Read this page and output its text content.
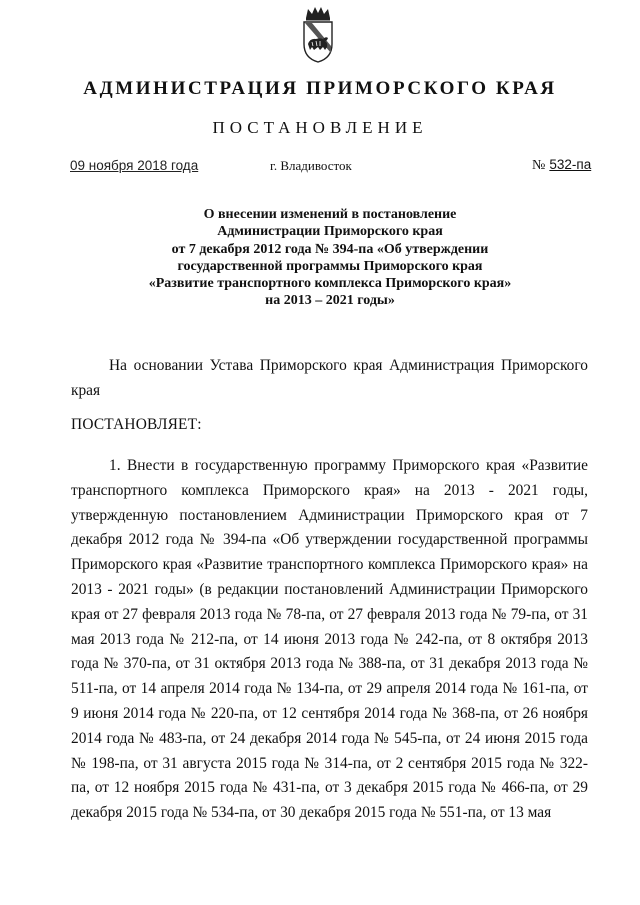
АДМИНИСТРАЦИЯ ПРИМОРСКОГО КРАЯ
ПОСТАНОВЛЕНИЕ
09 ноября 2018 года	г. Владивосток	№ 532-па
О внесении изменений в постановление
Администрации Приморского края
от 7 декабря 2012 года № 394-па «Об утверждении
государственной программы Приморского края
«Развитие транспортного комплекса Приморского края»
на 2013 – 2021 годы»
На основании Устава Приморского края Администрация Приморского края
ПОСТАНОВЛЯЕТ:
1. Внести в государственную программу Приморского края «Развитие транспортного комплекса Приморского края» на 2013 - 2021 годы, утвержденную постановлением Администрации Приморского края от 7 декабря 2012 года № 394-па «Об утверждении государственной программы Приморского края «Развитие транспортного комплекса Приморского края» на 2013 - 2021 годы» (в редакции постановлений Администрации Приморского края от 27 февраля 2013 года № 78-па, от 27 февраля 2013 года № 79-па, от 31 мая 2013 года № 212-па, от 14 июня 2013 года № 242-па, от 8 октября 2013 года № 370-па, от 31 октября 2013 года № 388-па, от 31 декабря 2013 года № 511-па, от 14 апреля 2014 года № 134-па, от 29 апреля 2014 года № 161-па, от 9 июня 2014 года № 220-па, от 12 сентября 2014 года № 368-па, от 26 ноября 2014 года № 483-па, от 24 декабря 2014 года № 545-па, от 24 июня 2015 года № 198-па, от 31 августа 2015 года № 314-па, от 2 сентября 2015 года № 322-па, от 12 ноября 2015 года № 431-па, от 3 декабря 2015 года № 466-па, от 29 декабря 2015 года № 534-па, от 30 декабря 2015 года № 551-па, от 13 мая
